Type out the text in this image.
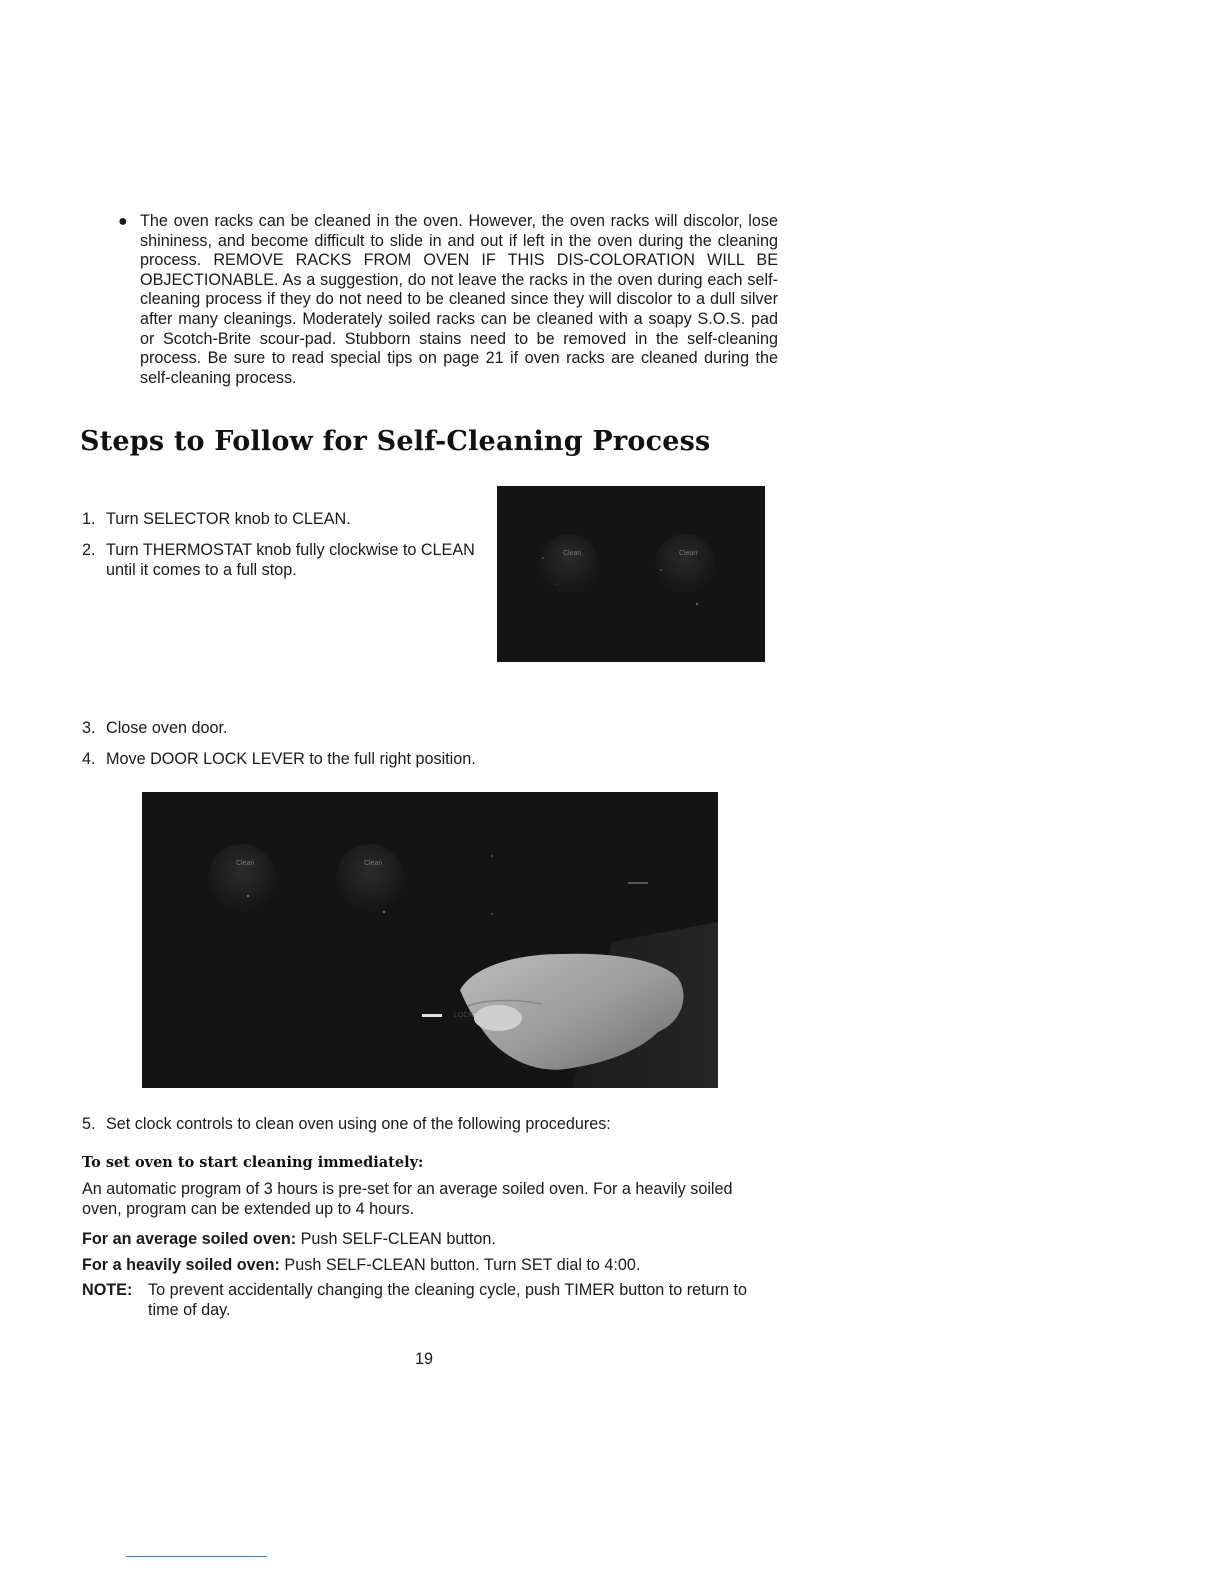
● The oven racks can be cleaned in the oven. However, the oven racks will discolor, lose shininess, and become difficult to slide in and out if left in the oven during the cleaning process. REMOVE RACKS FROM OVEN IF THIS DIS-COLORATION WILL BE OBJECTIONABLE. As a suggestion, do not leave the racks in the oven during each self-cleaning process if they do not need to be cleaned since they will discolor to a dull silver after many cleanings. Moderately soiled racks can be cleaned with a soapy S.O.S. pad or Scotch-Brite scour-pad. Stubborn stains need to be removed in the self-cleaning process. Be sure to read special tips on page 21 if oven racks are cleaned during the self-cleaning process.
Steps to Follow for Self-Cleaning Process
1. Turn SELECTOR knob to CLEAN.
2. Turn THERMOSTAT knob fully clockwise to CLEAN until it comes to a full stop.
Clean	Clean
3. Close oven door.
4. Move DOOR LOCK LEVER to the full right position.
Clean	Clean
LOCK
5. Set clock controls to clean oven using one of the following procedures:
To set oven to start cleaning immediately:
An automatic program of 3 hours is pre-set for an average soiled oven. For a heavily soiled oven, program can be extended up to 4 hours.
For an average soiled oven: Push SELF-CLEAN button.
For a heavily soiled oven: Push SELF-CLEAN button. Turn SET dial to 4:00.
NOTE: To prevent accidentally changing the cleaning cycle, push TIMER button to return to time of day.
19
